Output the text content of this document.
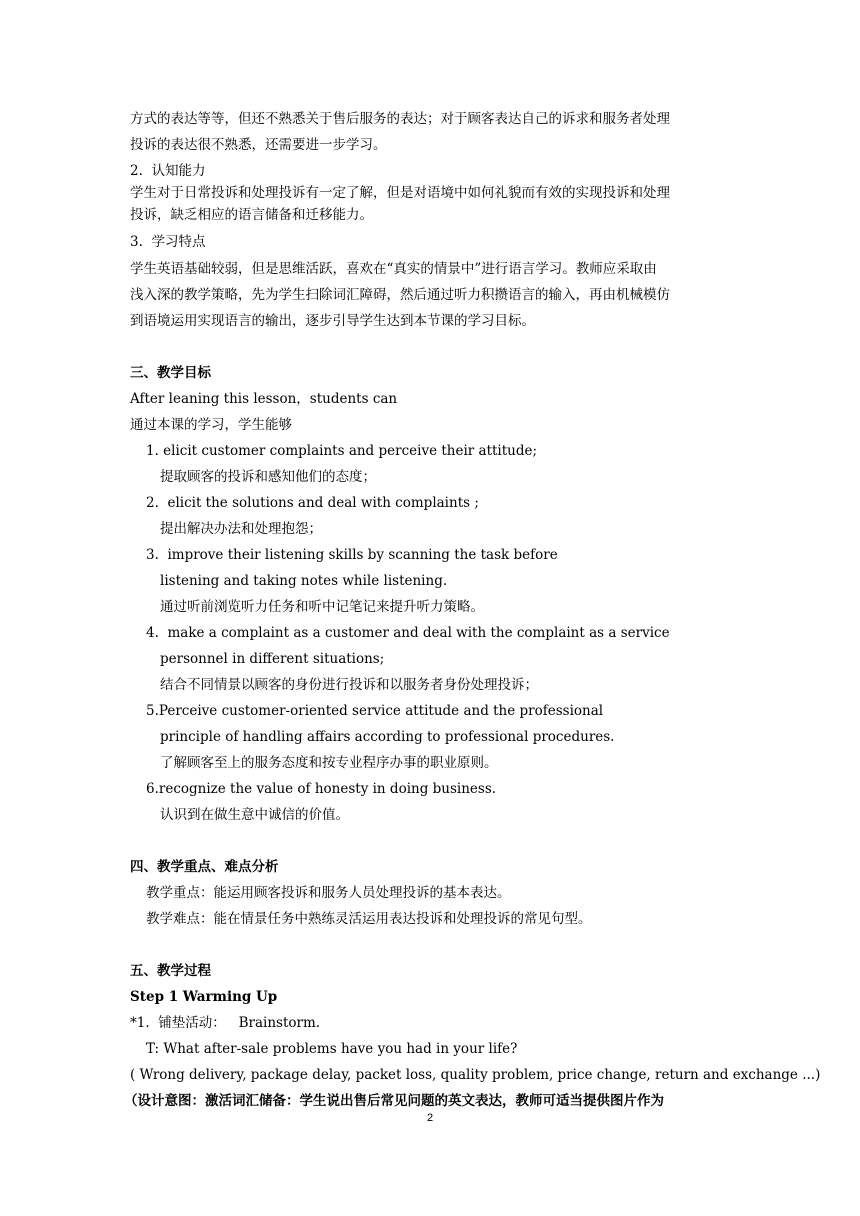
方式的表达等等，但还不熟悉关于售后服务的表达；对于顾客表达自己的诉求和服务者处理
投诉的表达很不熟悉，还需要进一步学习。
2.  认知能力
学生对于日常投诉和处理投诉有一定了解，但是对语境中如何礼貌而有效的实现投诉和处理
投诉，缺乏相应的语言储备和迁移能力。
3.  学习特点
学生英语基础较弱，但是思维活跃，喜欢在“真实的情景中”进行语言学习。教师应采取由
浅入深的教学策略，先为学生扫除词汇障碍，然后通过听力积攒语言的输入，再由机械模仿
到语境运用实现语言的输出，逐步引导学生达到本节课的学习目标。
三、教学目标
After leaning this lesson，students can
通过本课的学习，学生能够
1. elicit customer complaints and perceive their attitude;
提取顾客的投诉和感知他们的态度；
2.  elicit the solutions and deal with complaints ;
提出解决办法和处理抱怨；
3.  improve their listening skills by scanning the task before
listening and taking notes while listening.
通过听前浏览听力任务和听中记笔记来提升听力策略。
4.  make a complaint as a customer and deal with the complaint as a service
personnel in different situations;
结合不同情景以顾客的身份进行投诉和以服务者身份处理投诉；
5.Perceive customer-oriented service attitude and the professional
principle of handling affairs according to professional procedures.
了解顾客至上的服务态度和按专业程序办事的职业原则。
6.recognize the value of honesty in doing business.
认识到在做生意中诚信的价值。
四、教学重点、难点分析
教学重点：能运用顾客投诉和服务人员处理投诉的基本表达。
教学难点：能在情景任务中熟练灵活运用表达投诉和处理投诉的常见句型。
五、教学过程
Step 1 Warming Up
*1.  铺垫活动：   Brainstorm.
T: What after-sale problems have you had in your life?
( Wrong delivery, package delay, packet loss, quality problem, price change, return and exchange ...)
（设计意图：激活词汇储备：学生说出售后常见问题的英文表达，教师可适当提供图片作为
2
